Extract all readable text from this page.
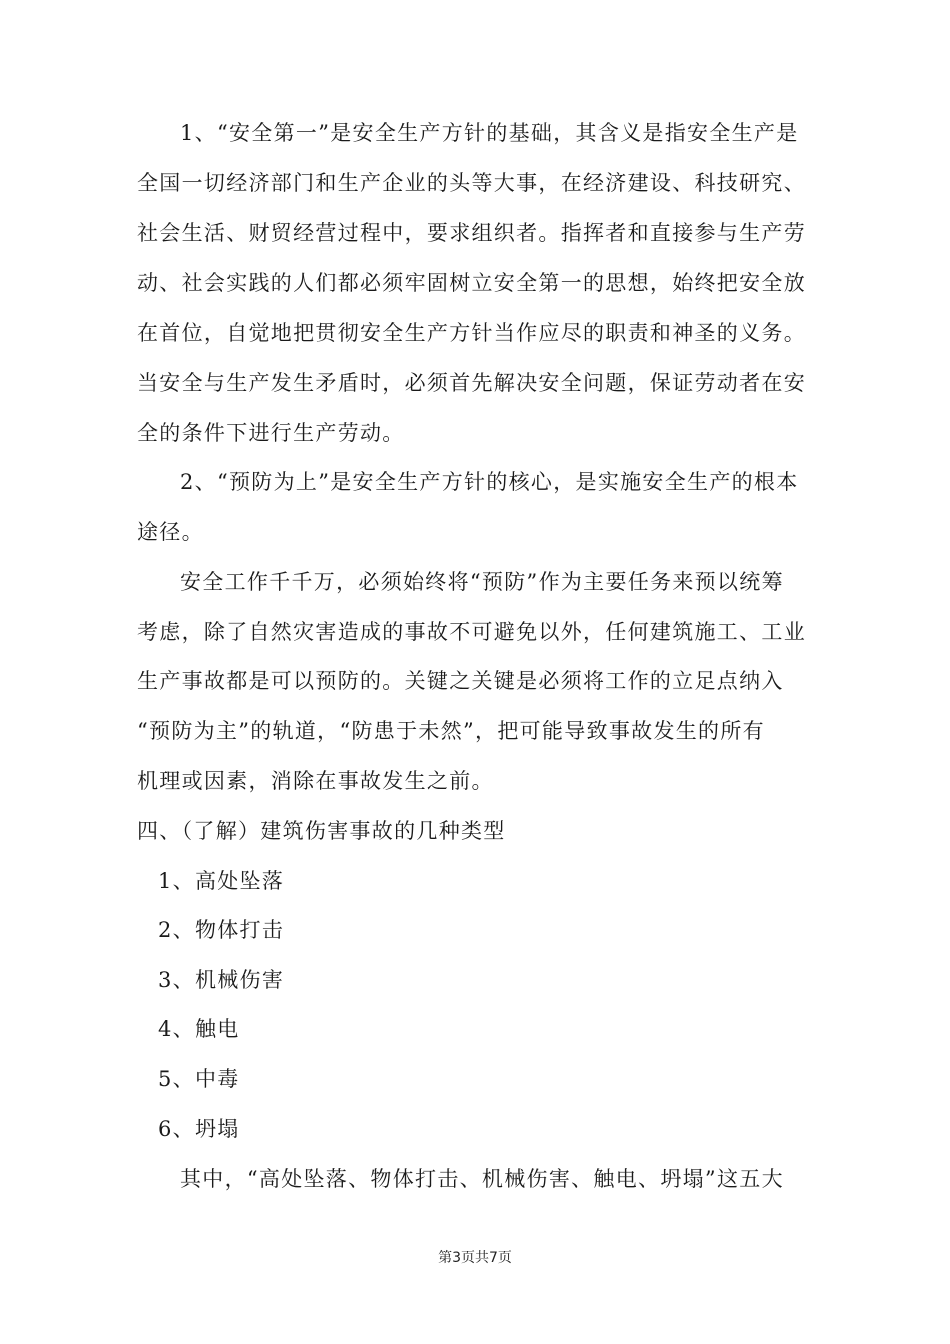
1、“安全第一”是安全生产方针的基础，其含义是指安全生产是
全国一切经济部门和生产企业的头等大事，在经济建设、科技研究、
社会生活、财贸经营过程中，要求组织者。指挥者和直接参与生产劳
动、社会实践的人们都必须牢固树立安全第一的思想，始终把安全放
在首位，自觉地把贯彻安全生产方针当作应尽的职责和神圣的义务。
当安全与生产发生矛盾时，必须首先解决安全问题，保证劳动者在安
全的条件下进行生产劳动。
2、“预防为上”是安全生产方针的核心，是实施安全生产的根本
途径。
安全工作千千万，必须始终将“预防”作为主要任务来预以统筹
考虑，除了自然灾害造成的事故不可避免以外，任何建筑施工、工业
生产事故都是可以预防的。关键之关键是必须将工作的立足点纳入
“预防为主”的轨道，“防患于未然”，把可能导致事故发生的所有
机理或因素，消除在事故发生之前。
四、（了解）建筑伤害事故的几种类型
1、高处坠落
2、物体打击
3、机械伤害
4、触电
5、中毒
6、坍塌
其中，“高处坠落、物体打击、机械伤害、触电、坍塌”这五大
第3页共7页
